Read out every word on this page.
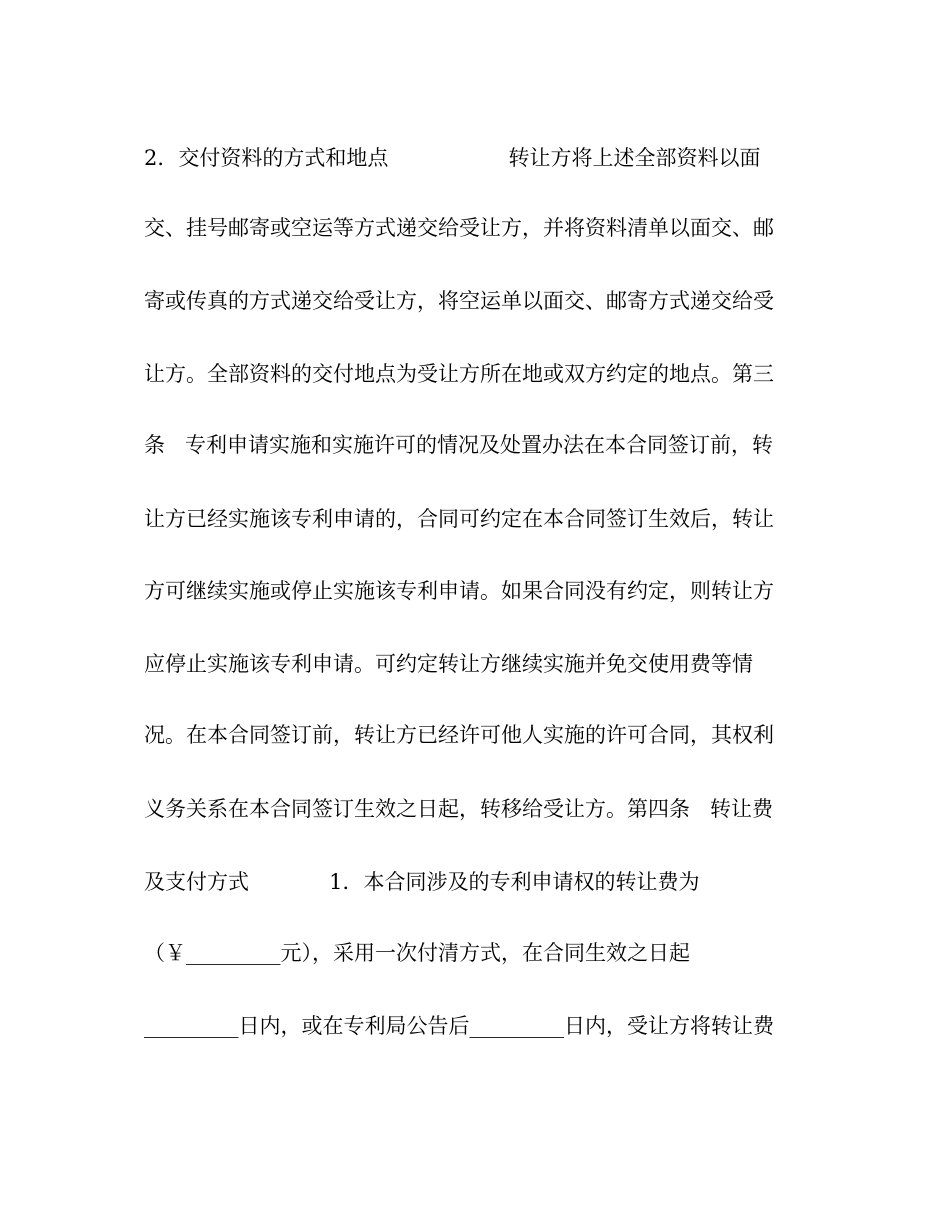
2．交付资料的方式和地点                  转让方将上述全部资料以面
交、挂号邮寄或空运等方式递交给受让方，并将资料清单以面交、邮
寄或传真的方式递交给受让方，将空运单以面交、邮寄方式递交给受
让方。全部资料的交付地点为受让方所在地或双方约定的地点。第三
条   专利申请实施和实施许可的情况及处置办法在本合同签订前，转
让方已经实施该专利申请的，合同可约定在本合同签订生效后，转让
方可继续实施或停止实施该专利申请。如果合同没有约定，则转让方
应停止实施该专利申请。可约定转让方继续实施并免交使用费等情
况。在本合同签订前，转让方已经许可他人实施的许可合同，其权利
义务关系在本合同签订生效之日起，转移给受让方。第四条   转让费
及支付方式            1．本合同涉及的专利申请权的转让费为
（￥_________元），采用一次付清方式，在合同生效之日起
_________日内，或在专利局公告后_________日内，受让方将转让费
